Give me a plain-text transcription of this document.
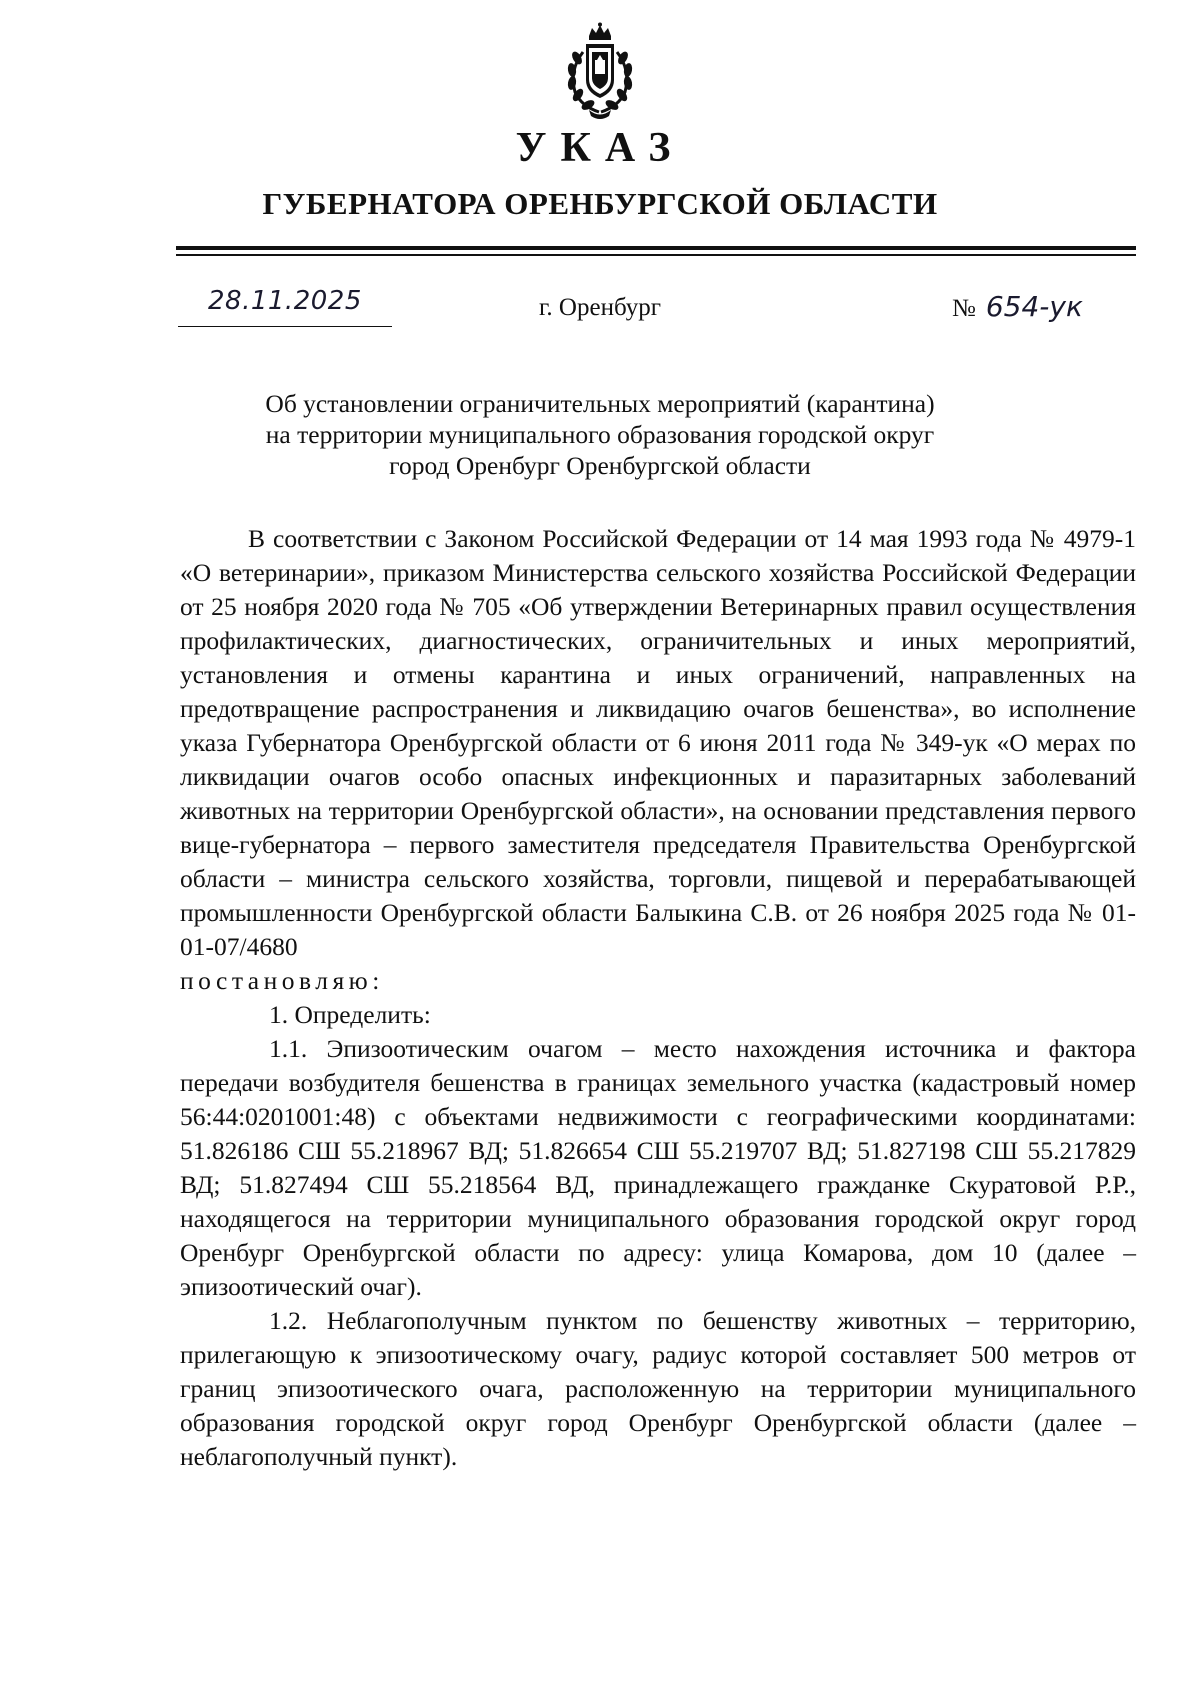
УКАЗ
ГУБЕРНАТОРА ОРЕНБУРГСКОЙ ОБЛАСТИ
28.11.2025	г. Оренбург	№ 654-ук
Об установлении ограничительных мероприятий (карантина)
на территории муниципального образования городской округ
город Оренбург Оренбургской области

В соответствии с Законом Российской Федерации от 14 мая 1993 года № 4979-1 «О ветеринарии», приказом Министерства сельского хозяйства Российской Федерации от 25 ноября 2020 года № 705 «Об утверждении Ветеринарных правил осуществления профилактических, диагностических, ограничительных и иных мероприятий, установления и отмены карантина и иных ограничений, направленных на предотвращение распространения и ликвидацию очагов бешенства», во исполнение указа Губернатора Оренбургской области от 6 июня 2011 года № 349-ук «О мерах по ликвидации очагов особо опасных инфекционных и паразитарных заболеваний животных на территории Оренбургской области», на основании представления первого вице-губернатора – первого заместителя председателя Правительства Оренбургской области – министра сельского хозяйства, торговли, пищевой и перерабатывающей промышленности Оренбургской области Балыкина С.В. от 26 ноября 2025 года № 01-01-07/4680

постановляю:

1. Определить:

1.1. Эпизоотическим очагом – место нахождения источника и фактора передачи возбудителя бешенства в границах земельного участка (кадастровый номер 56:44:0201001:48) с объектами недвижимости с географическими координатами: 51.826186 СШ 55.218967 ВД; 51.826654 СШ 55.219707 ВД; 51.827198 СШ 55.217829 ВД; 51.827494 СШ 55.218564 ВД, принадлежащего гражданке Скуратовой Р.Р., находящегося на территории муниципального образования городской округ город Оренбург Оренбургской области по адресу: улица Комарова, дом 10 (далее – эпизоотический очаг).

1.2. Неблагополучным пунктом по бешенству животных – территорию, прилегающую к эпизоотическому очагу, радиус которой составляет 500 метров от границ эпизоотического очага, расположенную на территории муниципального образования городской округ город Оренбург Оренбургской области (далее – неблагополучный пункт).
